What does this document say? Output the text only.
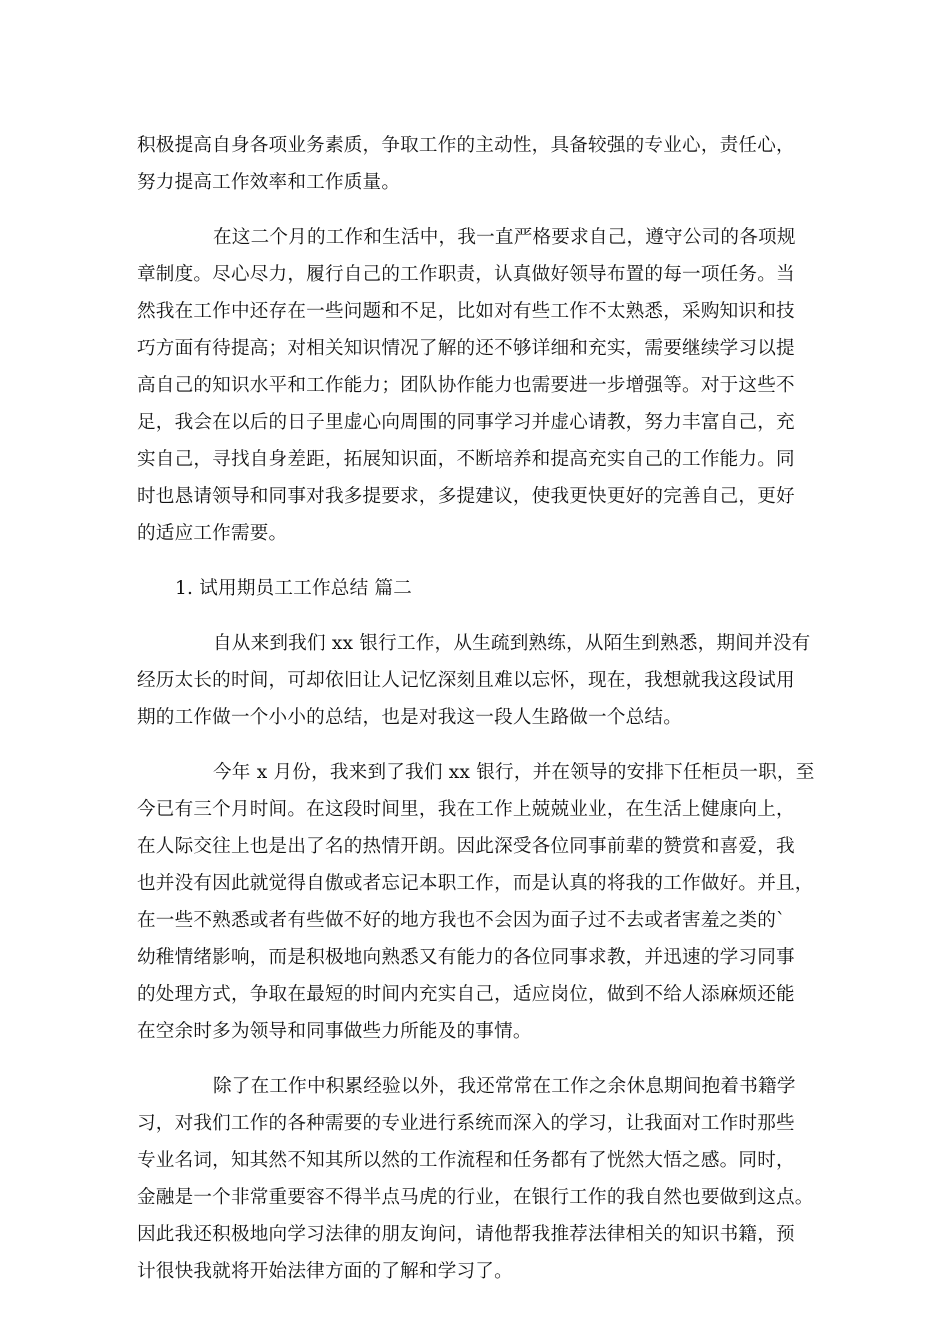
积极提高自身各项业务素质，争取工作的主动性，具备较强的专业心，责任心，
努力提高工作效率和工作质量。
在这二个月的工作和生活中，我一直严格要求自己，遵守公司的各项规
章制度。尽心尽力，履行自己的工作职责，认真做好领导布置的每一项任务。当
然我在工作中还存在一些问题和不足，比如对有些工作不太熟悉，采购知识和技
巧方面有待提高；对相关知识情况了解的还不够详细和充实，需要继续学习以提
高自己的知识水平和工作能力；团队协作能力也需要进一步增强等。对于这些不
足，我会在以后的日子里虚心向周围的同事学习并虚心请教，努力丰富自己，充
实自己，寻找自身差距，拓展知识面，不断培养和提高充实自己的工作能力。同
时也恳请领导和同事对我多提要求，多提建议，使我更快更好的完善自己，更好
的适应工作需要。
1. 试用期员工工作总结 篇二
自从来到我们 xx 银行工作，从生疏到熟练，从陌生到熟悉，期间并没有
经历太长的时间，可却依旧让人记忆深刻且难以忘怀，现在，我想就我这段试用
期的工作做一个小小的总结，也是对我这一段人生路做一个总结。
今年 x 月份，我来到了我们 xx 银行，并在领导的安排下任柜员一职，至
今已有三个月时间。在这段时间里，我在工作上兢兢业业，在生活上健康向上，
在人际交往上也是出了名的热情开朗。因此深受各位同事前辈的赞赏和喜爱，我
也并没有因此就觉得自傲或者忘记本职工作，而是认真的将我的工作做好。并且，
在一些不熟悉或者有些做不好的地方我也不会因为面子过不去或者害羞之类的`
幼稚情绪影响，而是积极地向熟悉又有能力的各位同事求教，并迅速的学习同事
的处理方式，争取在最短的时间内充实自己，适应岗位，做到不给人添麻烦还能
在空余时多为领导和同事做些力所能及的事情。
除了在工作中积累经验以外，我还常常在工作之余休息期间抱着书籍学
习，对我们工作的各种需要的专业进行系统而深入的学习，让我面对工作时那些
专业名词，知其然不知其所以然的工作流程和任务都有了恍然大悟之感。同时，
金融是一个非常重要容不得半点马虎的行业，在银行工作的我自然也要做到这点。
因此我还积极地向学习法律的朋友询问，请他帮我推荐法律相关的知识书籍，预
计很快我就将开始法律方面的了解和学习了。
